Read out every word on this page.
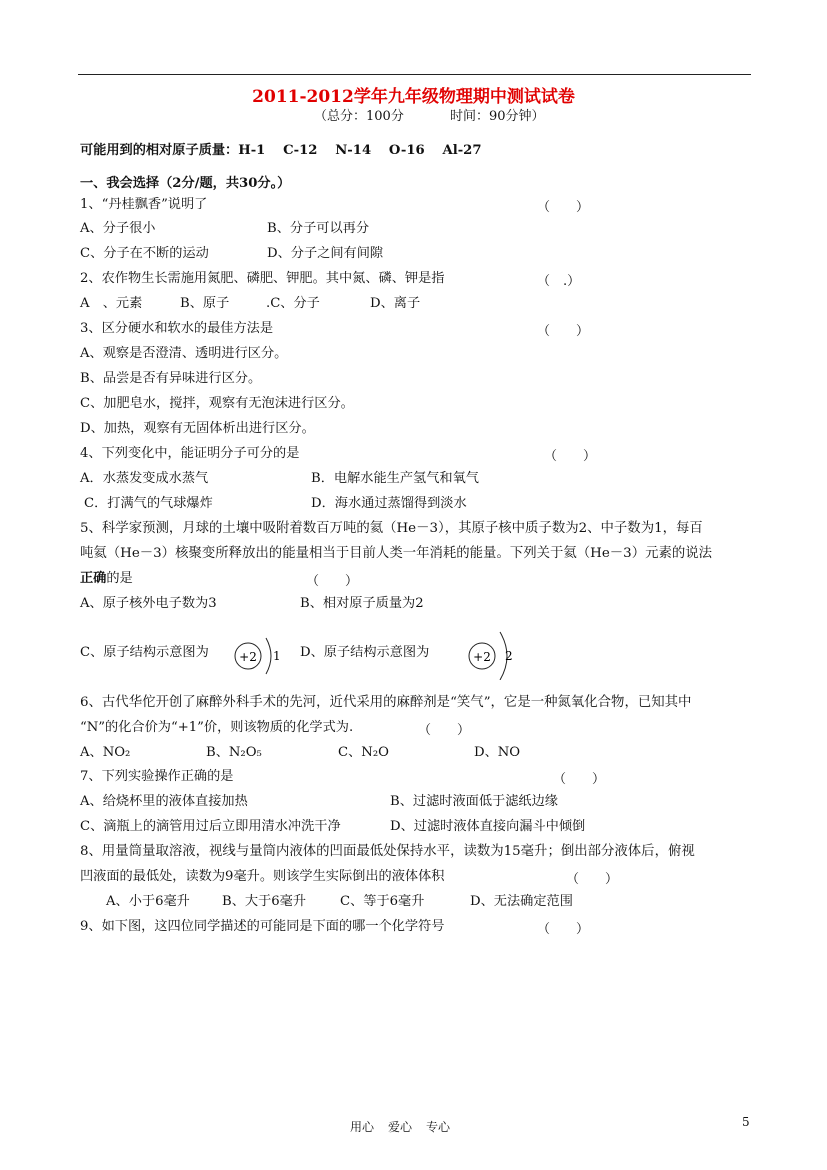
2011-2012学年九年级物理期中测试试卷
（总分：100分	时间：90分钟）
可能用到的相对原子质量：H-1　 C-12　 N-14　 O-16　 Al-27
一、我会选择（2分/题，共30分。）
1、“丹桂飘香”说明了	（　　）
A、分子很小	B、分子可以再分
C、分子在不断的运动	D、分子之间有间隙
2、农作物生长需施用氮肥、磷肥、钾肥。其中氮、磷、钾是指	（　.）
A　、元素	B、原子	.C、分子	D、离子
3、区分硬水和软水的最佳方法是	（　　）
A、观察是否澄清、透明进行区分。
B、品尝是否有异味进行区分。
C、加肥皂水，搅拌，观察有无泡沫进行区分。
D、加热，观察有无固体析出进行区分。
4、下列变化中，能证明分子可分的是	（　　）
A．水蒸发变成水蒸气	B．电解水能生产氢气和氧气
C．打满气的气球爆炸	D．海水通过蒸馏得到淡水
5、科学家预测，月球的土壤中吸附着数百万吨的氦（He－3），其原子核中质子数为2、中子数为1，每百
吨氦（He－3）核聚变所释放出的能量相当于目前人类一年消耗的能量。下列关于氦（He－3）元素的说法
正确的是	（　　）
A、原子核外电子数为3	B、相对原子质量为2
C、原子结构示意图为	D、原子结构示意图为
+2 1	+2 2
6、古代华佗开创了麻醉外科手术的先河，近代采用的麻醉剂是“笑气”，它是一种氮氧化合物，已知其中
“N”的化合价为“+1”价，则该物质的化学式为.	（　　）
A、NO₂	B、N₂O₅	C、N₂O	D、NO
7、下列实验操作正确的是	（　　）
A、给烧杯里的液体直接加热	B、过滤时液面低于滤纸边缘
C、滴瓶上的滴管用过后立即用清水冲洗干净	D、过滤时液体直接向漏斗中倾倒
8、用量筒量取溶液，视线与量筒内液体的凹面最低处保持水平，读数为15毫升；倒出部分液体后，俯视
凹液面的最低处，读数为9毫升。则该学生实际倒出的液体体积	（　　）
A、小于6毫升 B、大于6毫升	C、等于6毫升	D、无法确定范围
9、如下图，这四位同学描述的可能同是下面的哪一个化学符号	（　　）
用心 爱心 专心	5
